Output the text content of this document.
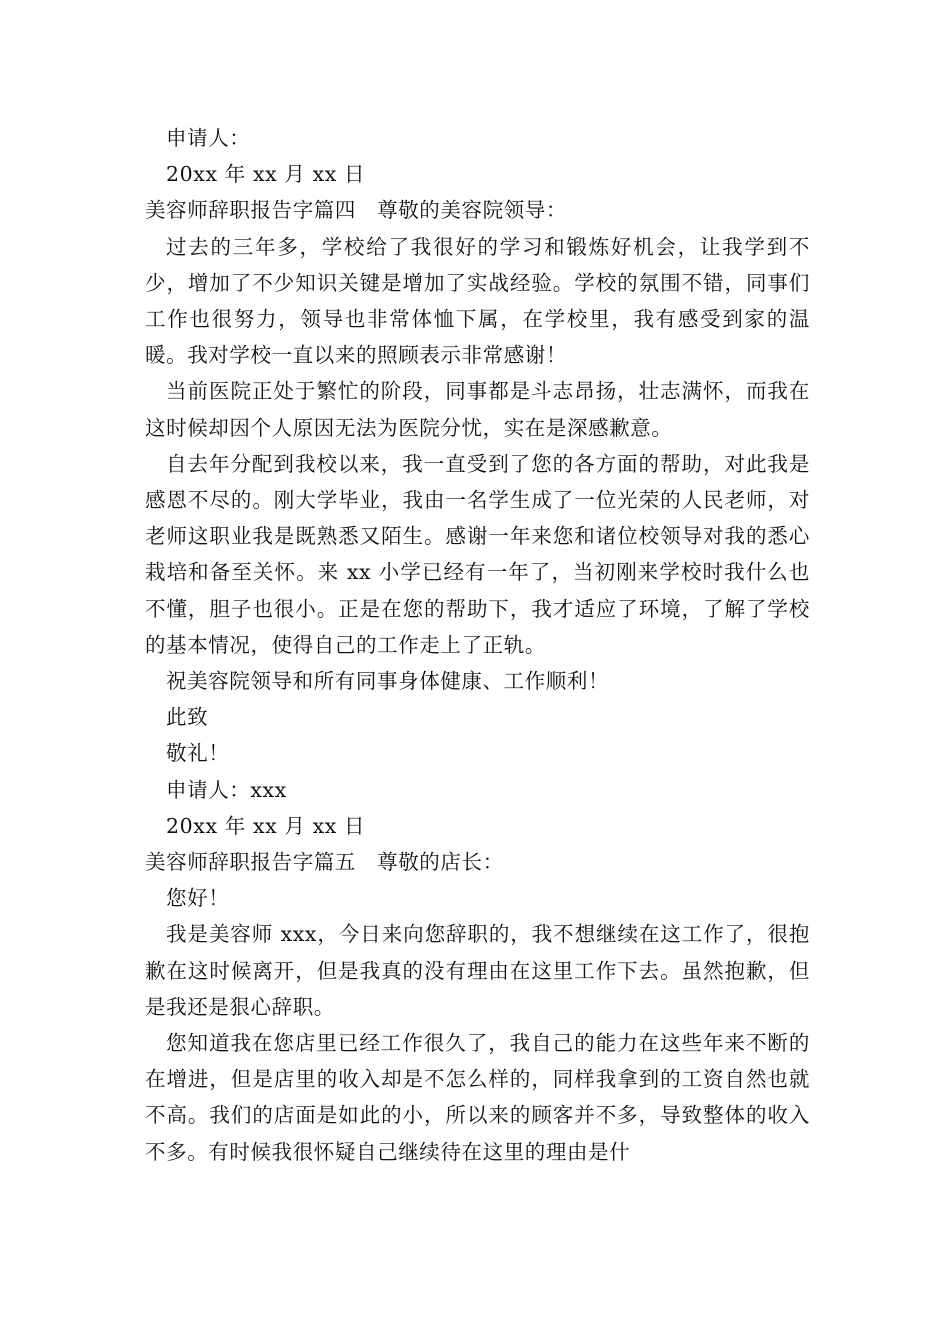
申请人：
20xx 年 xx 月 xx 日
美容师辞职报告字篇四　尊敬的美容院领导：
过去的三年多，学校给了我很好的学习和锻炼好机会，让我学到不少，增加了不少知识关键是增加了实战经验。学校的氛围不错，同事们工作也很努力，领导也非常体恤下属，在学校里，我有感受到家的温暖。我对学校一直以来的照顾表示非常感谢！
当前医院正处于繁忙的阶段，同事都是斗志昂扬，壮志满怀，而我在这时候却因个人原因无法为医院分忧，实在是深感歉意。
自去年分配到我校以来，我一直受到了您的各方面的帮助，对此我是感恩不尽的。刚大学毕业，我由一名学生成了一位光荣的人民老师，对老师这职业我是既熟悉又陌生。感谢一年来您和诸位校领导对我的悉心栽培和备至关怀。来 xx 小学已经有一年了，当初刚来学校时我什么也不懂，胆子也很小。正是在您的帮助下，我才适应了环境，了解了学校的基本情况，使得自己的工作走上了正轨。
祝美容院领导和所有同事身体健康、工作顺利！
此致
敬礼！
申请人：xxx
20xx 年 xx 月 xx 日
美容师辞职报告字篇五　尊敬的店长：
您好！
我是美容师 xxx，今日来向您辞职的，我不想继续在这工作了，很抱歉在这时候离开，但是我真的没有理由在这里工作下去。虽然抱歉，但是我还是狠心辞职。
您知道我在您店里已经工作很久了，我自己的能力在这些年来不断的在增进，但是店里的收入却是不怎么样的，同样我拿到的工资自然也就不高。我们的店面是如此的小，所以来的顾客并不多，导致整体的收入不多。有时候我很怀疑自己继续待在这里的理由是什
